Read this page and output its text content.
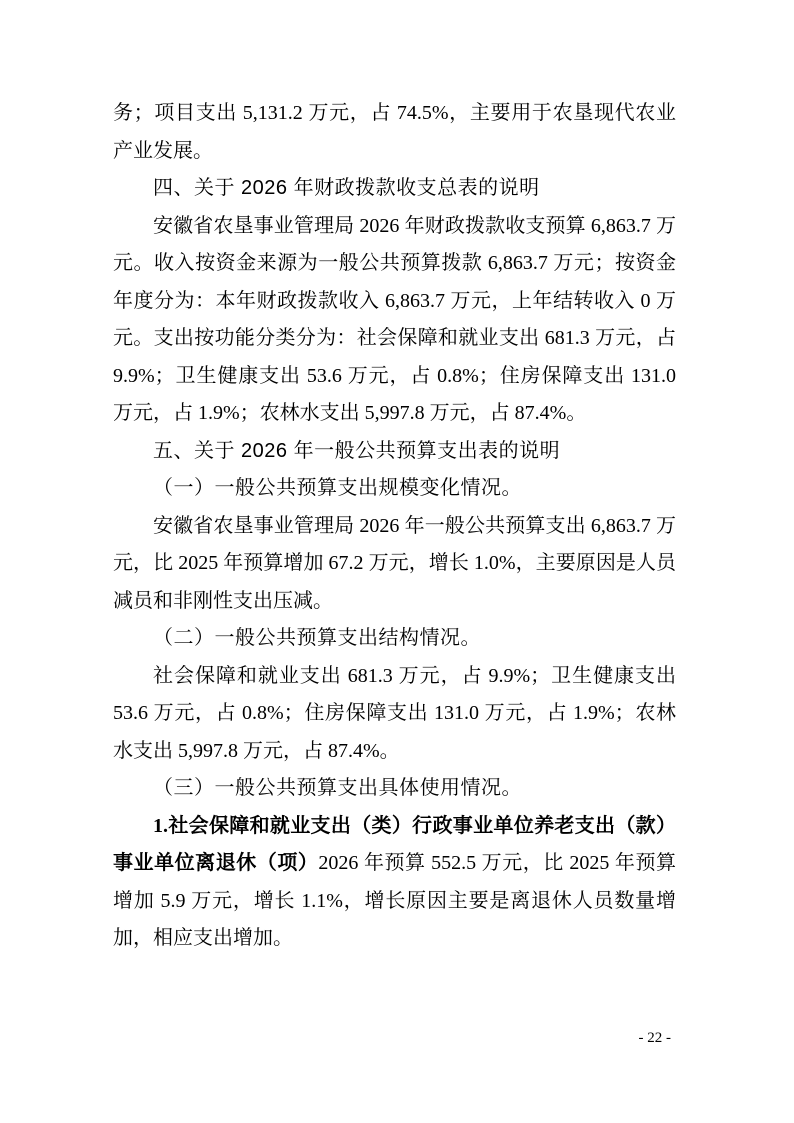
务；项目支出 5,131.2 万元，占 74.5%，主要用于农垦现代农业产业发展。

四、关于 2026 年财政拨款收支总表的说明

安徽省农垦事业管理局 2026 年财政拨款收支预算 6,863.7 万元。收入按资金来源为一般公共预算拨款 6,863.7 万元；按资金年度分为：本年财政拨款收入 6,863.7 万元，上年结转收入 0 万元。支出按功能分类分为：社会保障和就业支出 681.3 万元，占 9.9%；卫生健康支出 53.6 万元，占 0.8%；住房保障支出 131.0 万元，占 1.9%；农林水支出 5,997.8 万元，占 87.4%。

五、关于 2026 年一般公共预算支出表的说明
（一）一般公共预算支出规模变化情况。

安徽省农垦事业管理局 2026 年一般公共预算支出 6,863.7 万元，比 2025 年预算增加 67.2 万元，增长 1.0%，主要原因是人员减员和非刚性支出压减。

（二）一般公共预算支出结构情况。

社会保障和就业支出 681.3 万元，占 9.9%；卫生健康支出 53.6 万元，占 0.8%；住房保障支出 131.0 万元，占 1.9%；农林水支出 5,997.8 万元，占 87.4%。

（三）一般公共预算支出具体使用情况。

1.社会保障和就业支出（类）行政事业单位养老支出（款）事业单位离退休（项）2026 年预算 552.5 万元，比 2025 年预算增加 5.9 万元，增长 1.1%，增长原因主要是离退休人员数量增加，相应支出增加。

- 22 -
